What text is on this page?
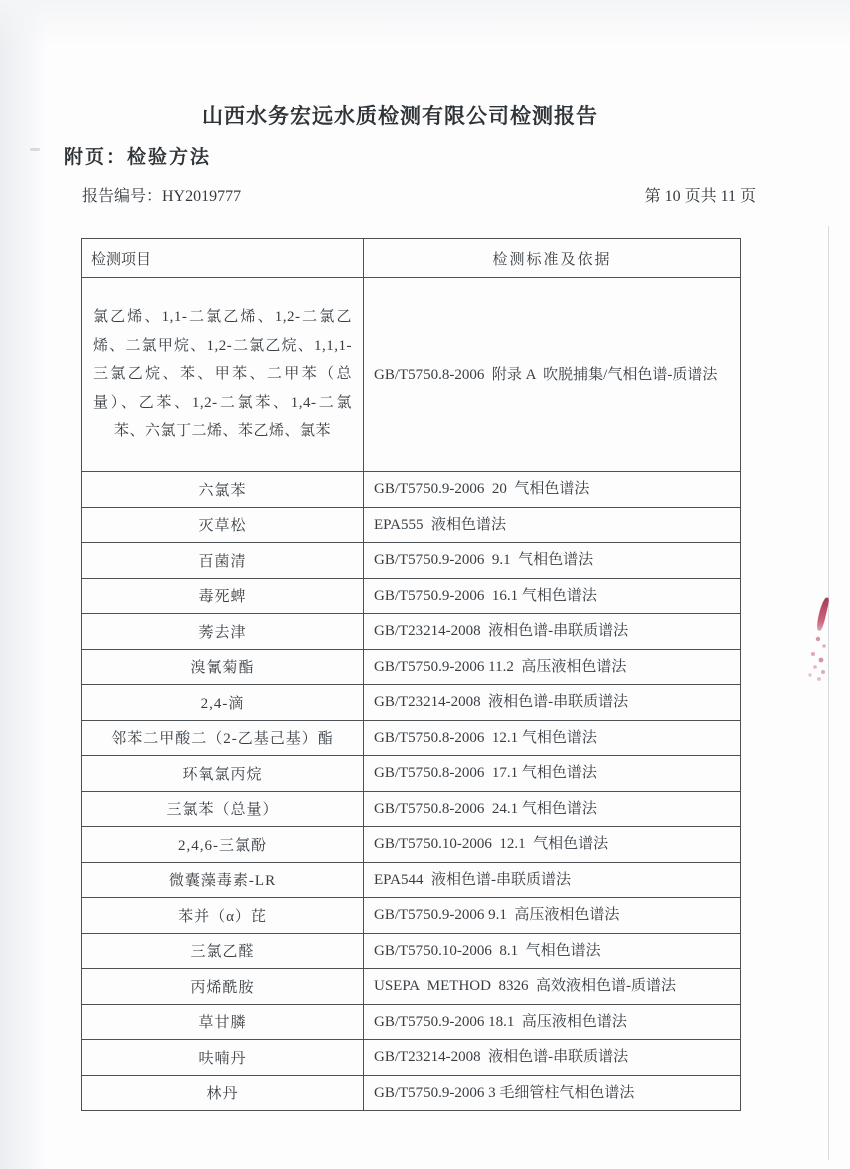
山西水务宏远水质检测有限公司检测报告
附页：检验方法
报告编号：HY2019777	第 10 页共 11 页
检测项目	检测标准及依据
氯乙烯、1,1-二氯乙烯、1,2-二氯乙烯、二氯甲烷、1,2-二氯乙烷、1,1,1-三氯乙烷、苯、甲苯、二甲苯（总量）、乙苯、1,2-二氯苯、1,4-二氯苯、六氯丁二烯、苯乙烯、氯苯	GB/T5750.8-2006  附录 A  吹脱捕集/气相色谱-质谱法
六氯苯	GB/T5750.9-2006  20  气相色谱法
灭草松	EPA555  液相色谱法
百菌清	GB/T5750.9-2006  9.1  气相色谱法
毒死蜱	GB/T5750.9-2006  16.1 气相色谱法
莠去津	GB/T23214-2008  液相色谱-串联质谱法
溴氰菊酯	GB/T5750.9-2006 11.2  高压液相色谱法
2,4-滴	GB/T23214-2008  液相色谱-串联质谱法
邻苯二甲酸二（2-乙基己基）酯	GB/T5750.8-2006  12.1 气相色谱法
环氧氯丙烷	GB/T5750.8-2006  17.1 气相色谱法
三氯苯（总量）	GB/T5750.8-2006  24.1 气相色谱法
2,4,6-三氯酚	GB/T5750.10-2006  12.1  气相色谱法
微囊藻毒素-LR	EPA544  液相色谱-串联质谱法
苯并（α）芘	GB/T5750.9-2006 9.1  高压液相色谱法
三氯乙醛	GB/T5750.10-2006  8.1  气相色谱法
丙烯酰胺	USEPA  METHOD  8326  高效液相色谱-质谱法
草甘膦	GB/T5750.9-2006 18.1  高压液相色谱法
呋喃丹	GB/T23214-2008  液相色谱-串联质谱法
林丹	GB/T5750.9-2006 3 毛细管柱气相色谱法
